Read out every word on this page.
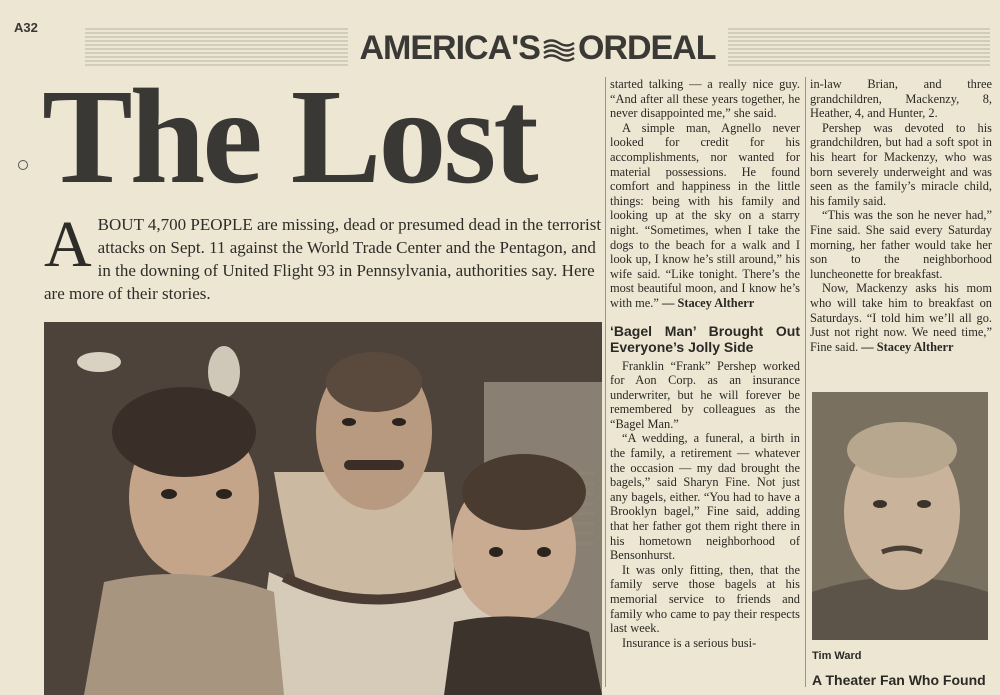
A32
AMERICA'S ORDEAL
The Lost

ABOUT 4,700 PEOPLE are missing, dead or presumed dead in the terrorist attacks on Sept. 11 against the World Trade Center and the Pentagon, and in the downing of United Flight 93 in Pennsylvania, authorities say. Here are more of their stories.

started talking — a really nice guy. “And after all these years together, he never disappointed me,” she said.

A simple man, Agnello never looked for credit for his accomplishments, nor wanted for material possessions. He found comfort and happiness in the little things: being with his family and looking up at the sky on a starry night. “Sometimes, when I take the dogs to the beach for a walk and I look up, I know he’s still around,” his wife said. “Like tonight. There’s the most beautiful moon, and I know he’s with me.” — Stacey Altherr

‘Bagel Man’ Brought Out Everyone’s Jolly Side

Franklin “Frank” Pershep worked for Aon Corp. as an insurance underwriter, but he will forever be remembered by colleagues as the “Bagel Man.”

“A wedding, a funeral, a birth in the family, a retirement — whatever the occasion — my dad brought the bagels,” said Sharyn Fine. Not just any bagels, either. “You had to have a Brooklyn bagel,” Fine said, adding that her father got them right there in his hometown neighborhood of Bensonhurst.

It was only fitting, then, that the family serve those bagels at his memorial service to friends and family who came to pay their respects last week.

Insurance is a serious busi-

in-law Brian, and three grandchildren, Mackenzy, 8, Heather, 4, and Hunter, 2.

Pershep was devoted to his grandchildren, but had a soft spot in his heart for Mackenzy, who was born severely underweight and was seen as the family’s miracle child, his family said.

“This was the son he never had,” Fine said. She said every Saturday morning, her father would take her son to the neighborhood luncheonette for breakfast.

Now, Mackenzy asks his mom who will take him to breakfast on Saturdays. “I told him we’ll all go. Just not right now. We need time,” Fine said. — Stacey Altherr

Tim Ward
A Theater Fan Who Found
